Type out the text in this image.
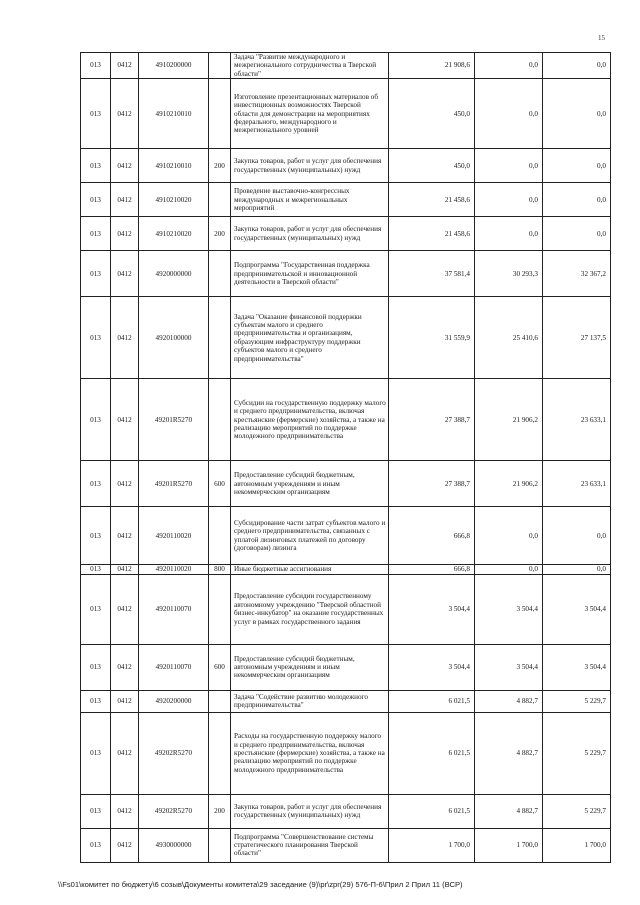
15
013	0412	4910200000		Задача "Развитие международного и межрегионального сотрудничества в Тверской области"	21 908,6	0,0	0,0
013	0412	4910210010		Изготовление презентационных материалов об инвестиционных возможностях Тверской области для демонстрации на мероприятиях федерального, международного и межрегионального уровней	450,0	0,0	0,0
013	0412	4910210010	200	Закупка товаров, работ и услуг для обеспечения государственных (муниципальных) нужд	450,0	0,0	0,0
013	0412	4910210020		Проведение выставочно-конгрессных международных и межрегиональных мероприятий	21 458,6	0,0	0,0
013	0412	4910210020	200	Закупка товаров, работ и услуг для обеспечения государственных (муниципальных) нужд	21 458,6	0,0	0,0
013	0412	4920000000		Подпрограмма "Государственная поддержка предпринимательской и инновационной деятельности в Тверской области"	37 581,4	30 293,3	32 367,2
013	0412	4920100000		Задача "Оказание финансовой поддержки субъектам малого и среднего предпринимательства и организациям, образующим инфраструктуру поддержки субъектов малого и среднего предпринимательства"	31 559,9	25 410,6	27 137,5
013	0412	49201R5270		Субсидии на государственную поддержку малого и среднего предпринимательства, включая крестьянские (фермерские) хозяйства, а также на реализацию мероприятий по поддержке молодежного предпринимательства	27 388,7	21 906,2	23 633,1
013	0412	49201R5270	600	Предоставление субсидий бюджетным, автономным учреждениям и иным некоммерческим организациям	27 388,7	21 906,2	23 633,1
013	0412	4920110020		Субсидирование части затрат субъектов малого и среднего предпринимательства, связанных с уплатой лизинговых платежей по договору (договорам) лизинга	666,8	0,0	0,0
013	0412	4920110020	800	Иные бюджетные ассигнования	666,8	0,0	0,0
013	0412	4920110070		Предоставление субсидии государственному автономному учреждению "Тверской областной бизнес-инкубатор" на оказание государственных услуг в рамках государственного задания	3 504,4	3 504,4	3 504,4
013	0412	4920110070	600	Предоставление субсидий бюджетным, автономным учреждениям и иным некоммерческим организациям	3 504,4	3 504,4	3 504,4
013	0412	4920200000		Задача "Содействие развитию молодежного предпринимательства"	6 021,5	4 882,7	5 229,7
013	0412	49202R5270		Расходы на государственную поддержку малого и среднего предпринимательства, включая крестьянские (фермерские) хозяйства, а также на реализацию мероприятий по поддержке молодежного предпринимательства	6 021,5	4 882,7	5 229,7
013	0412	49202R5270	200	Закупка товаров, работ и услуг для обеспечения государственных (муниципальных) нужд	6 021,5	4 882,7	5 229,7
013	0412	4930000000		Подпрограмма "Совершенствование системы стратегического планирования Тверской области"	1 700,0	1 700,0	1 700,0
\\Fs01\комитет по бюджету\6 созыв\Документы комитета\29 заседание (9)\pr\zpr(29) 576-П-6\Прил 2 Прил 11 (ВСР)
